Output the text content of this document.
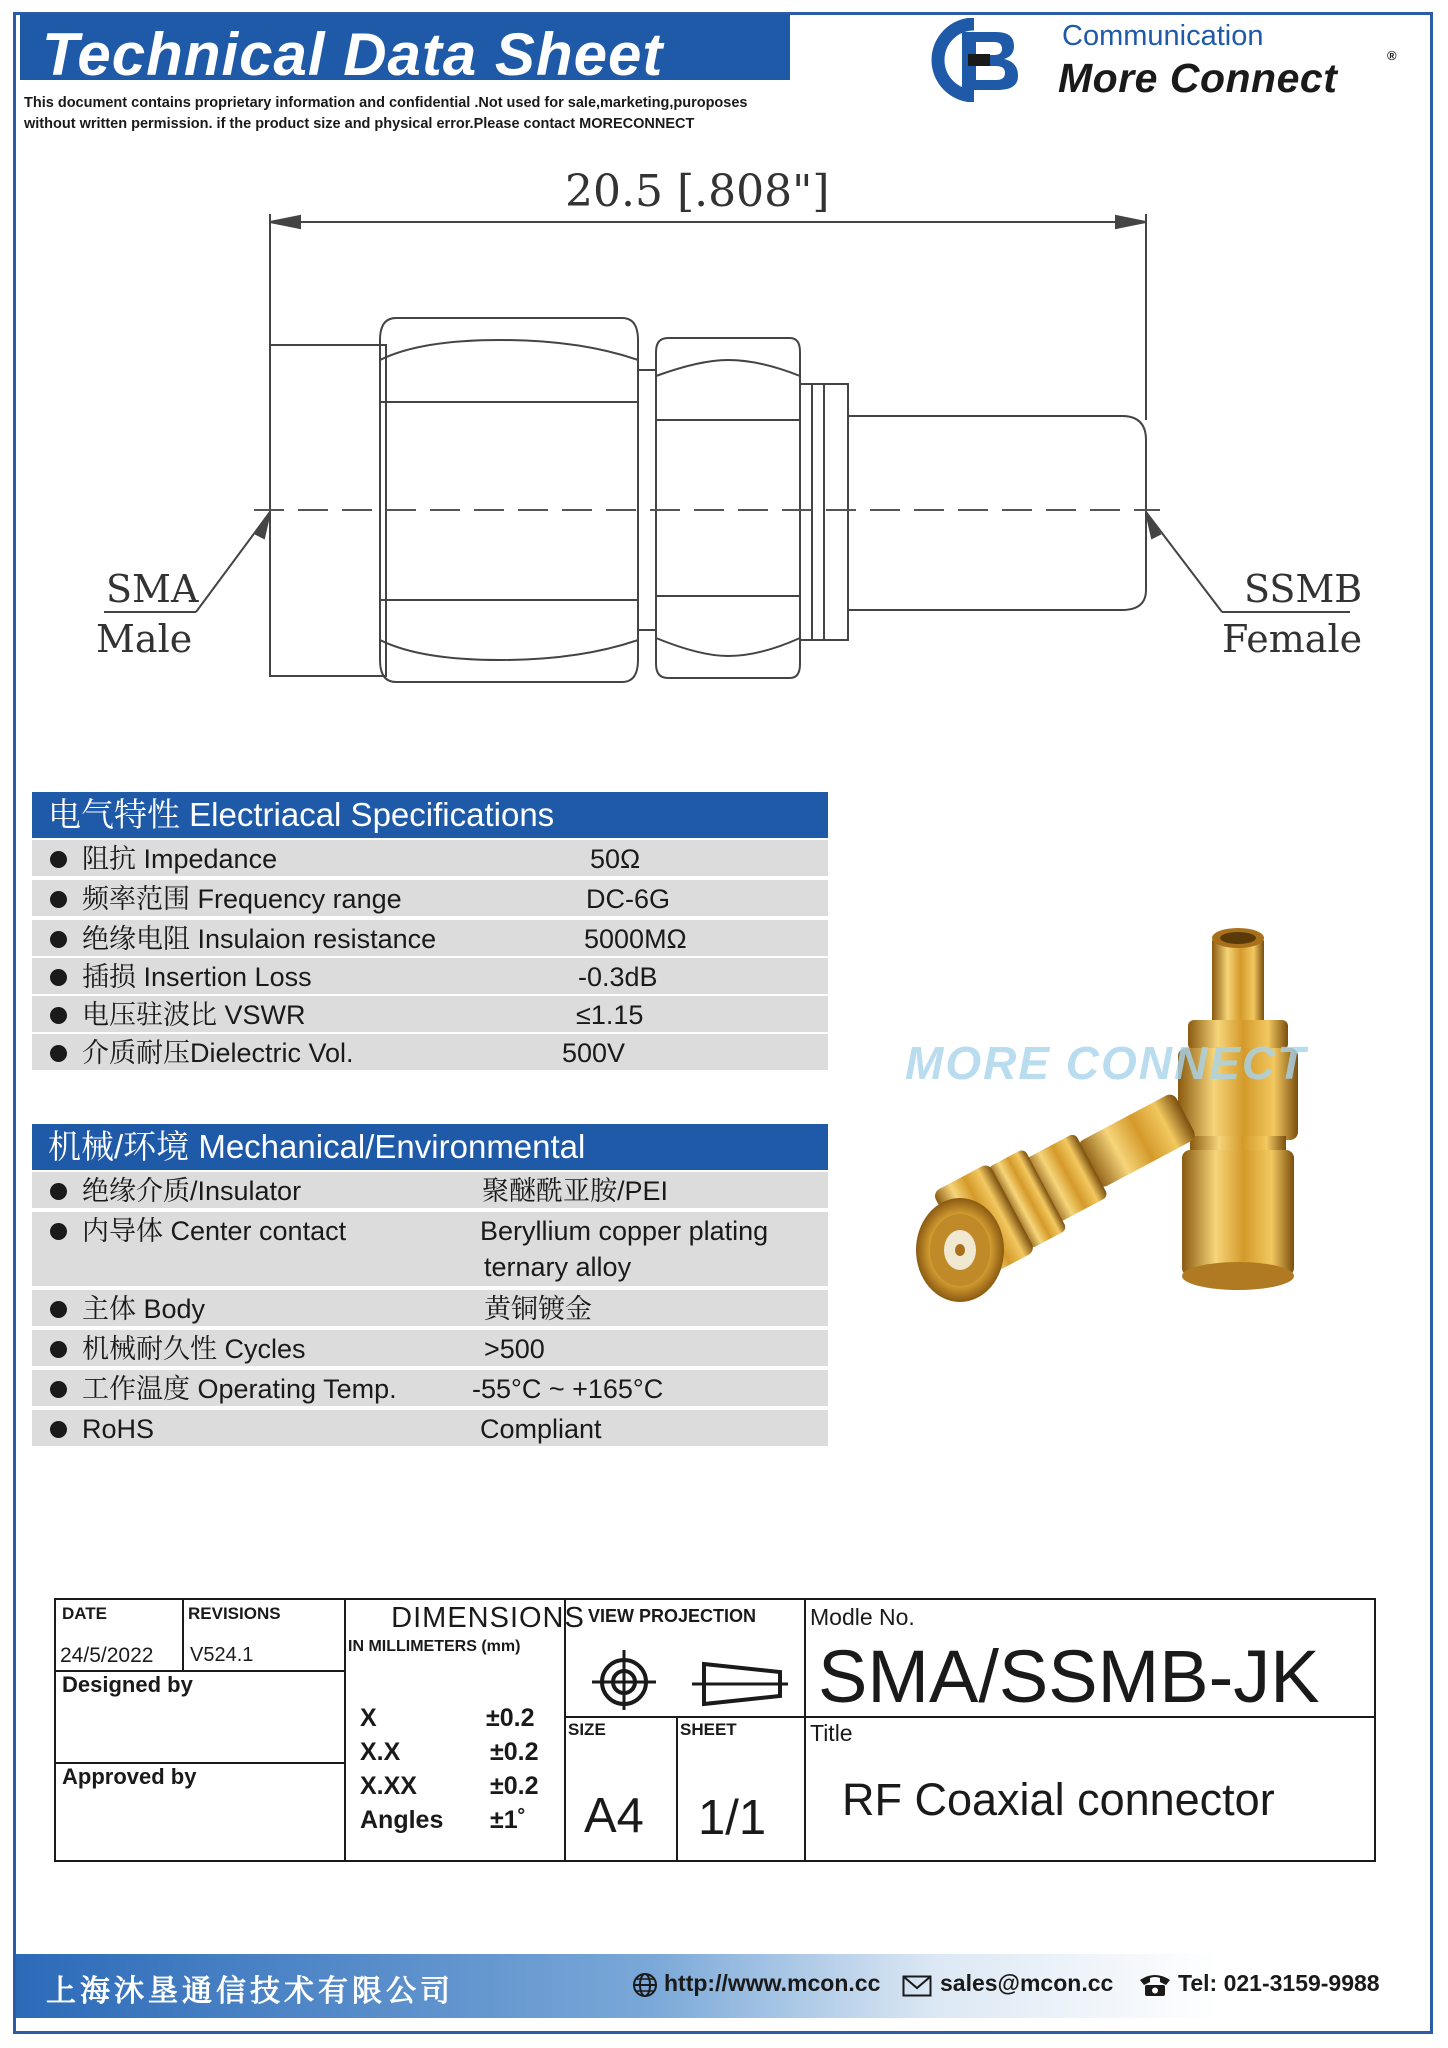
Technical Data Sheet
This document contains proprietary information and confidential .Not used for sale,marketing,puroposes
without written permission. if the product size and physical error.Please contact MORECONNECT
Communication
More Connect	®
20.5 [.808"]
SMA
Male
SSMB
Female
电气特性 Electriacal Specifications
阻抗 Impedance	50Ω
频率范围 Frequency range	DC-6G
绝缘电阻 Insulaion resistance	5000MΩ
插损 Insertion Loss	-0.3dB
电压驻波比 VSWR	≤1.15
介质耐压Dielectric Vol.	500V
机械/环境 Mechanical/Environmental
绝缘介质/Insulator	聚醚酰亚胺/PEI
内导体 Center contact	Beryllium copper plating
ternary alloy
主体 Body	黄铜镀金
机械耐久性 Cycles	>500
工作温度 Operating Temp.	-55°C ~ +165°C
RoHS	Compliant
MORE CONNECT
DATE	REVISIONS
24/5/2022 V524.1
Designed by
Approved by
DIMENSIONS
IN MILLIMETERS (mm)
X	±0.2
X.X	±0.2
X.XX	±0.2
Angles ±1˚
VIEW PROJECTION
SIZE	SHEET
A4 1/1
Modle No.
SMA/SSMB-JK
Title
RF Coaxial connector
上海沐垦通信技术有限公司	http://www.mcon.cc	sales@mcon.cc	Tel: 021-3159-9988
